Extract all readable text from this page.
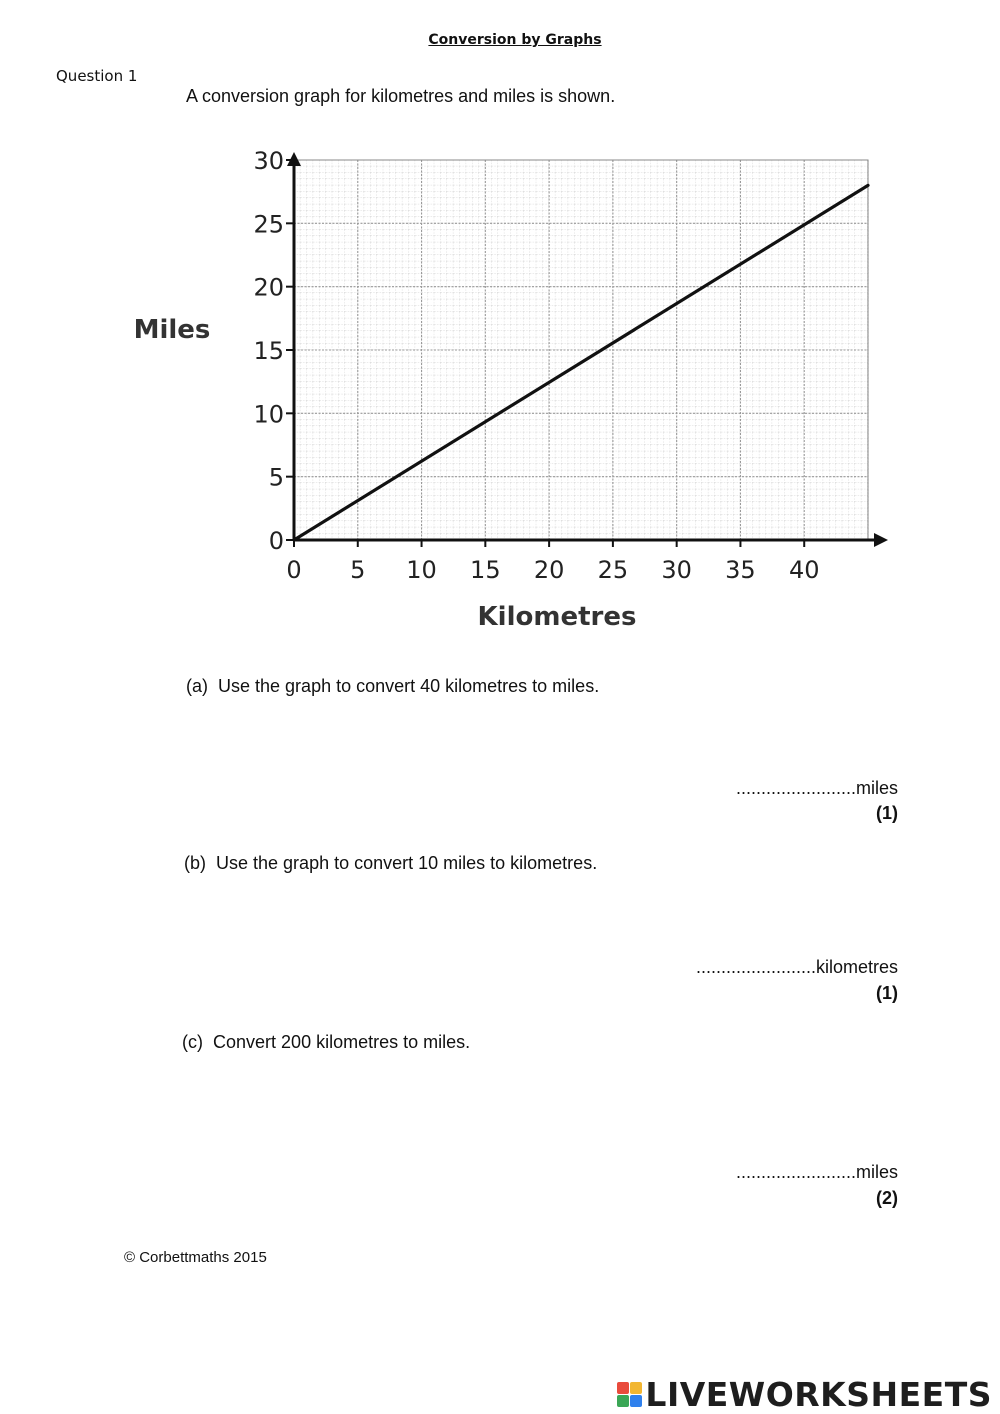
Conversion by Graphs
Question 1
A conversion graph for kilometres and miles is shown.
0 5 10 15 20 25 30 35 40
0
5
10
15
20
25
30
Miles
Kilometres
(a) Use the graph to convert 40 kilometres to miles.
........................miles
(1)
(b) Use the graph to convert 10 miles to kilometres.
........................kilometres
(1)
(c) Convert 200 kilometres to miles.
........................miles
(2)
© Corbettmaths 2015
LIVEWORKSHEETS
